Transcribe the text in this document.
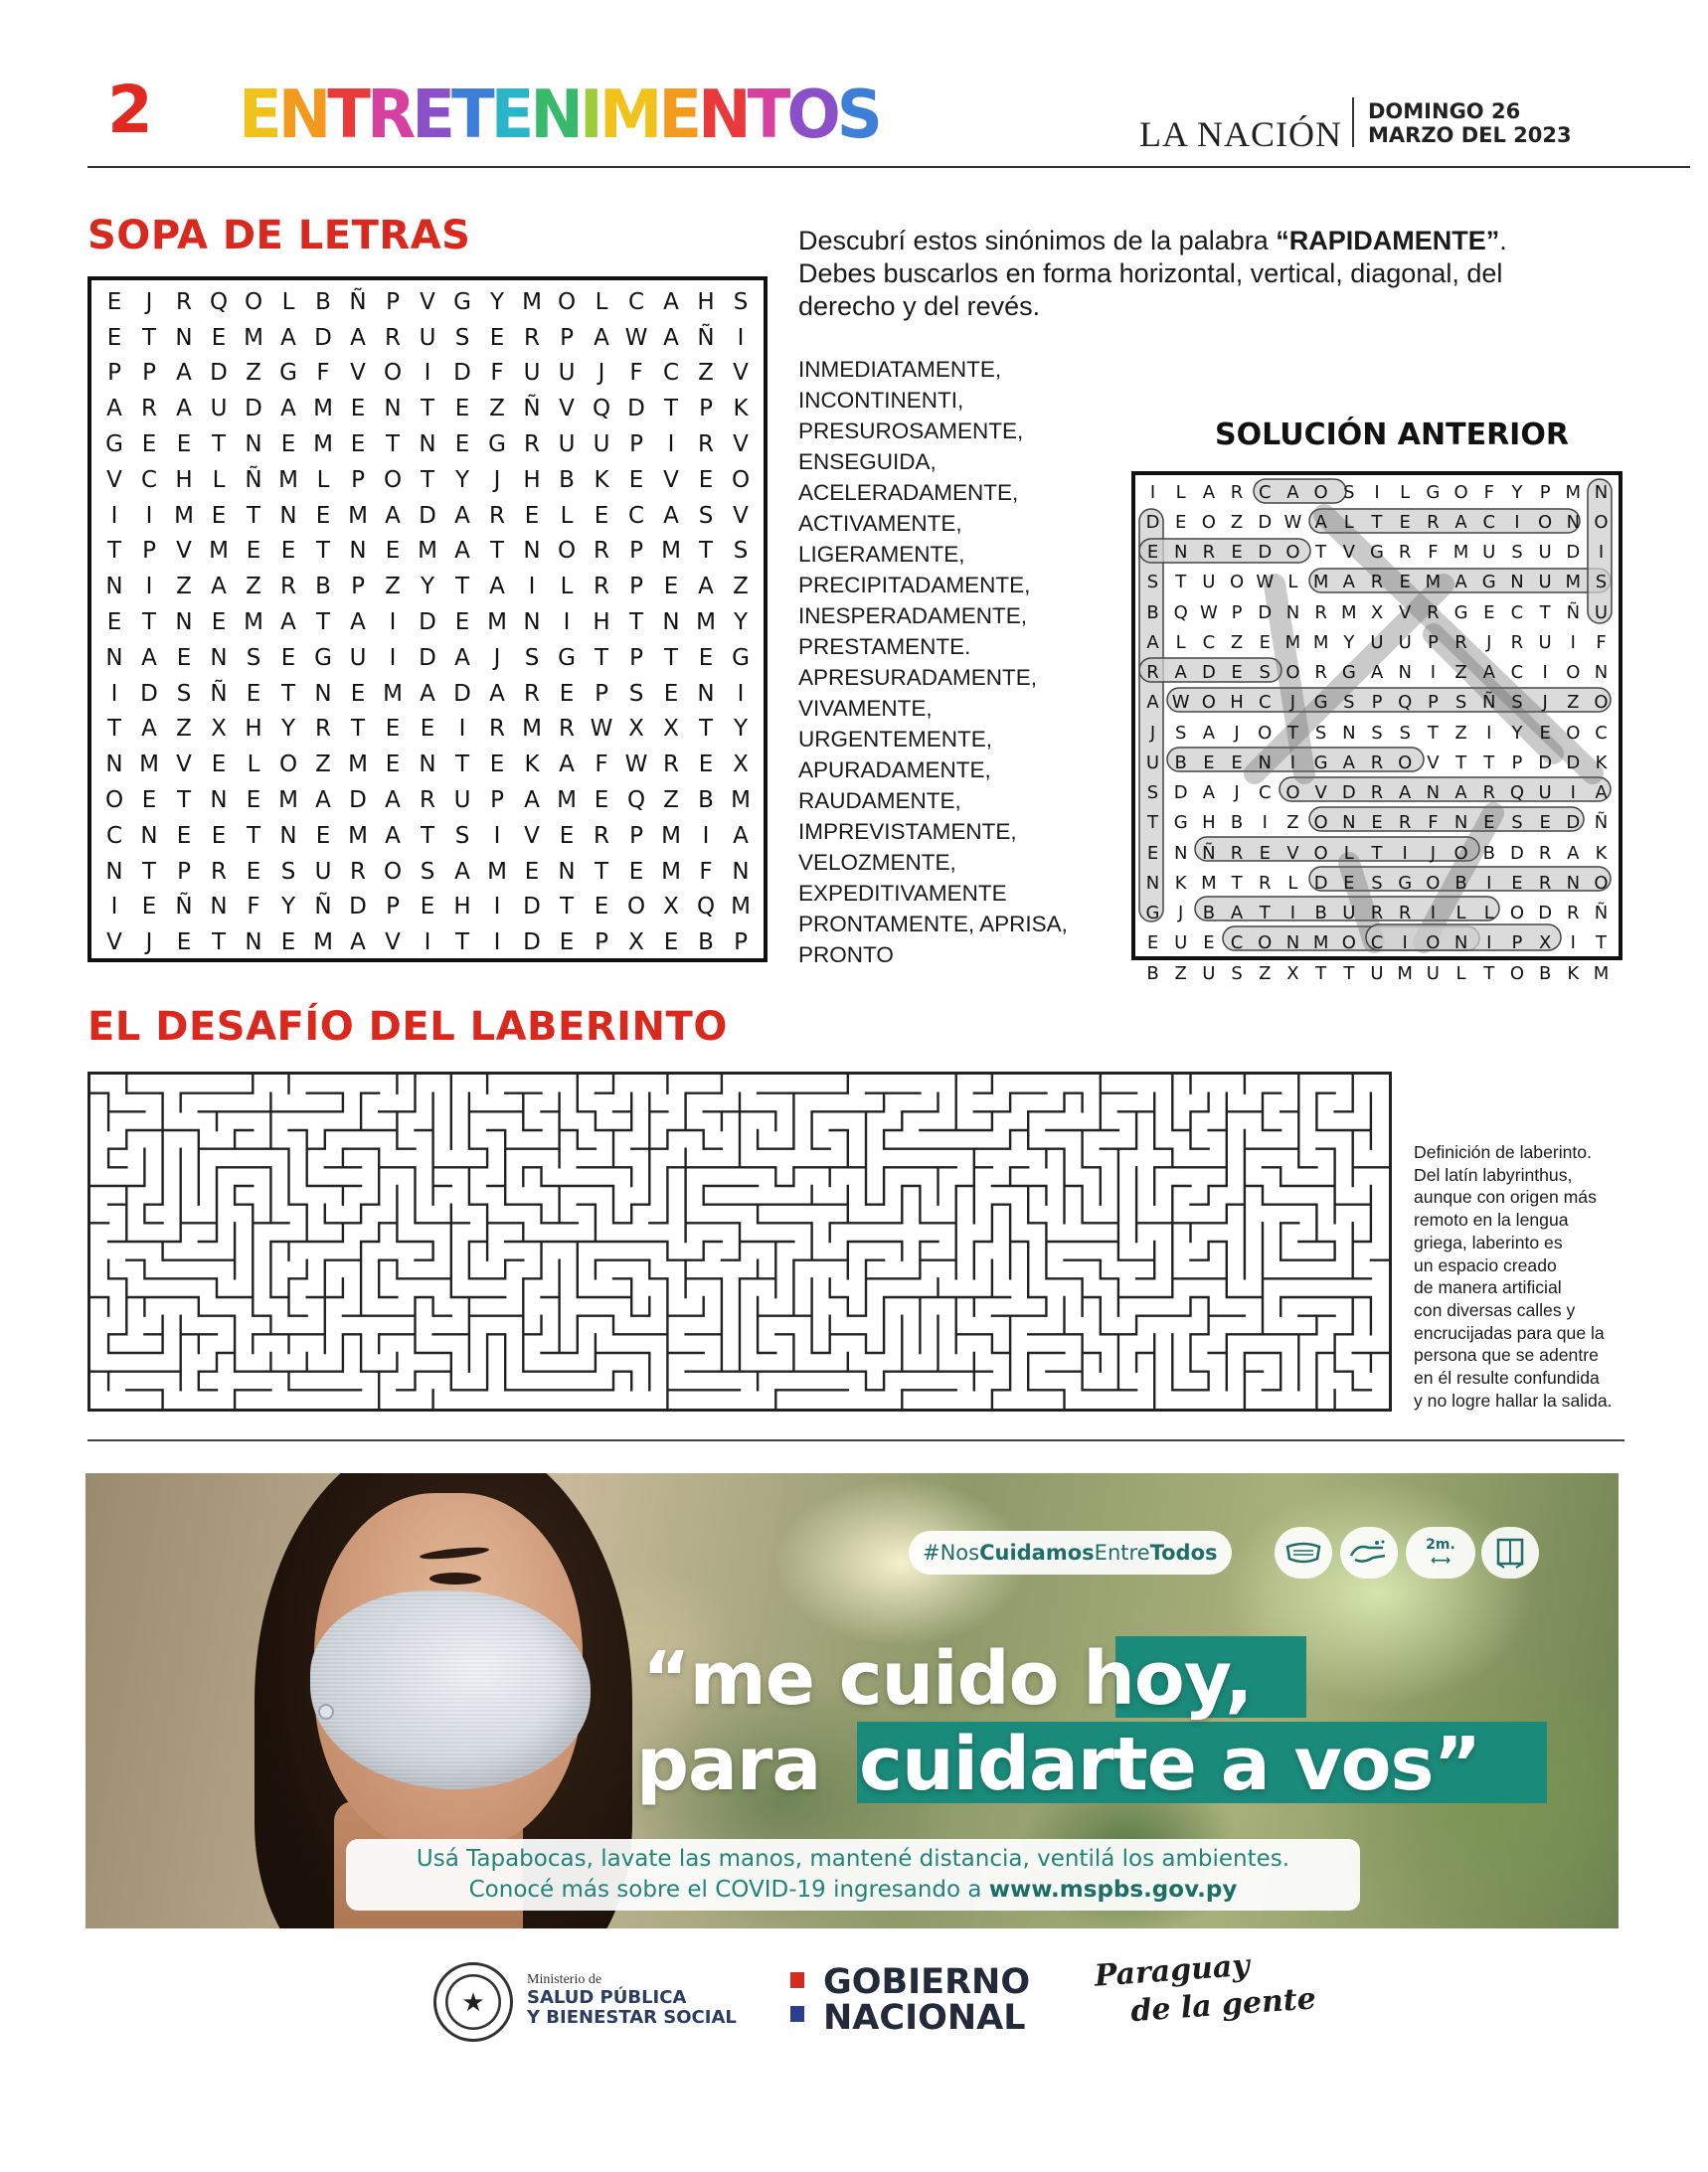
2 E N T R E T E N I M E N T O S	LA NACIÓN
DOMINGO 26
MARZO DEL 2023
SOPA DE LETRAS
E	J	R Q O L B Ñ P V G Y M O L C A H S
E T N E M A D A R U S E R P A W A Ñ I
P P A D Z G F V O I D F U U	J	F C Z V
A R A U D A M E N T E Z Ñ V Q D T P K
G E E T N E M E T N E G R U U P	I	R V
V C H L Ñ M L P O T Y	J H B K E V E O
I	I M E T N E M A D A R E L E C A S V
T P V M E E T N E M A T N O R P M T S
N I	Z A Z R B P Z Y T A	I	L R P E A Z
E T N E M A T A	I D E M N I H T N M Y
N A E N S E G U	I D A	J	S G T P T E G
I D S Ñ E T N E M A D A R E P S E N I
T A Z X H Y R T E E	I	R M R W X X T Y
N M V E L O Z M E N T E K A F W R E X
O E T N E M A D A R U P A M E Q Z B M
C N E E T N E M A T S	I	V E R P M I	A
N T P R E S U R O S A M E N T E M F N
I	E Ñ N F Y Ñ D P E H I D T E O X Q M
V	J	E T N E M A V	I	T	I D E P X E B P
Descubrí estos sinónimos de la palabra “RAPIDAMENTE”. Debes buscarlos en forma horizontal, vertical, diagonal, del derecho y del revés.
INMEDIATAMENTE,
INCONTINENTI,
PRESUROSAMENTE,
ENSEGUIDA,
ACELERADAMENTE,
ACTIVAMENTE,
LIGERAMENTE,
PRECIPITADAMENTE,
INESPERADAMENTE,
PRESTAMENTE.
APRESURADAMENTE,
VIVAMENTE,
URGENTEMENTE,
APURADAMENTE,
RAUDAMENTE,
IMPREVISTAMENTE,
VELOZMENTE,
EXPEDITIVAMENTE
PRONTAMENTE, APRISA,
PRONTO
SOLUCIÓN ANTERIOR
I	L A R C A O S	I	L G O F Y P M N
D E O Z D W A L T E R A C	I	O N O
E N R E D O T V G R F M U S U D	I
S T U O W L M A R E M A G N U M S
B Q W P D N R M X V R G E C T Ñ U
A L C Z E M M Y U U P R	J	R U	I	F
R A D E S O R G A N	I	Z A C	I	O N
A W O H C	J	G S P Q P S Ñ S	J	Z O
J	S A	J	O T S N S S T Z	I	Y E O C
U B E E N	I	G A R O V T T P D D K
S D A	J	C O V D R A N A R Q U	I	A
T G H B	I	Z O N E R F N E S E D Ñ
E N Ñ R E V O L T	I	J	O B D R A K
N K M T R L D E S G O B	I	E R N O
G	J	B A T	I	B U R R	I	L	L O D R Ñ
E U E C O N M O C	I	O N	I	P X	I	T
B Z U S Z X T T U M U L T O B K M
EL DESAFÍO DEL LABERINTO
Definición de laberinto.
Del latín labyrinthus,
aunque con origen más
remoto en la lengua
griega, laberinto es
un espacio creado
de manera artificial
con diversas calles y
encrucijadas para que la
persona que se adentre
en él resulte confundida
y no logre hallar la salida.
#Nos Cuidamos Entre Todos	2m.
⟷
“me cuido hoy,
para cuidarte a vos”
Usá Tapabocas, lavate las manos, mantené distancia, ventilá los ambientes.
Conocé más sobre el COVID-19 ingresando a www.mspbs.gov.py
★
Ministerio de
SALUD PÚBLICA
Y BIENESTAR SOCIAL
GOBIERNO
NACIONAL
Paraguay
de la gente
